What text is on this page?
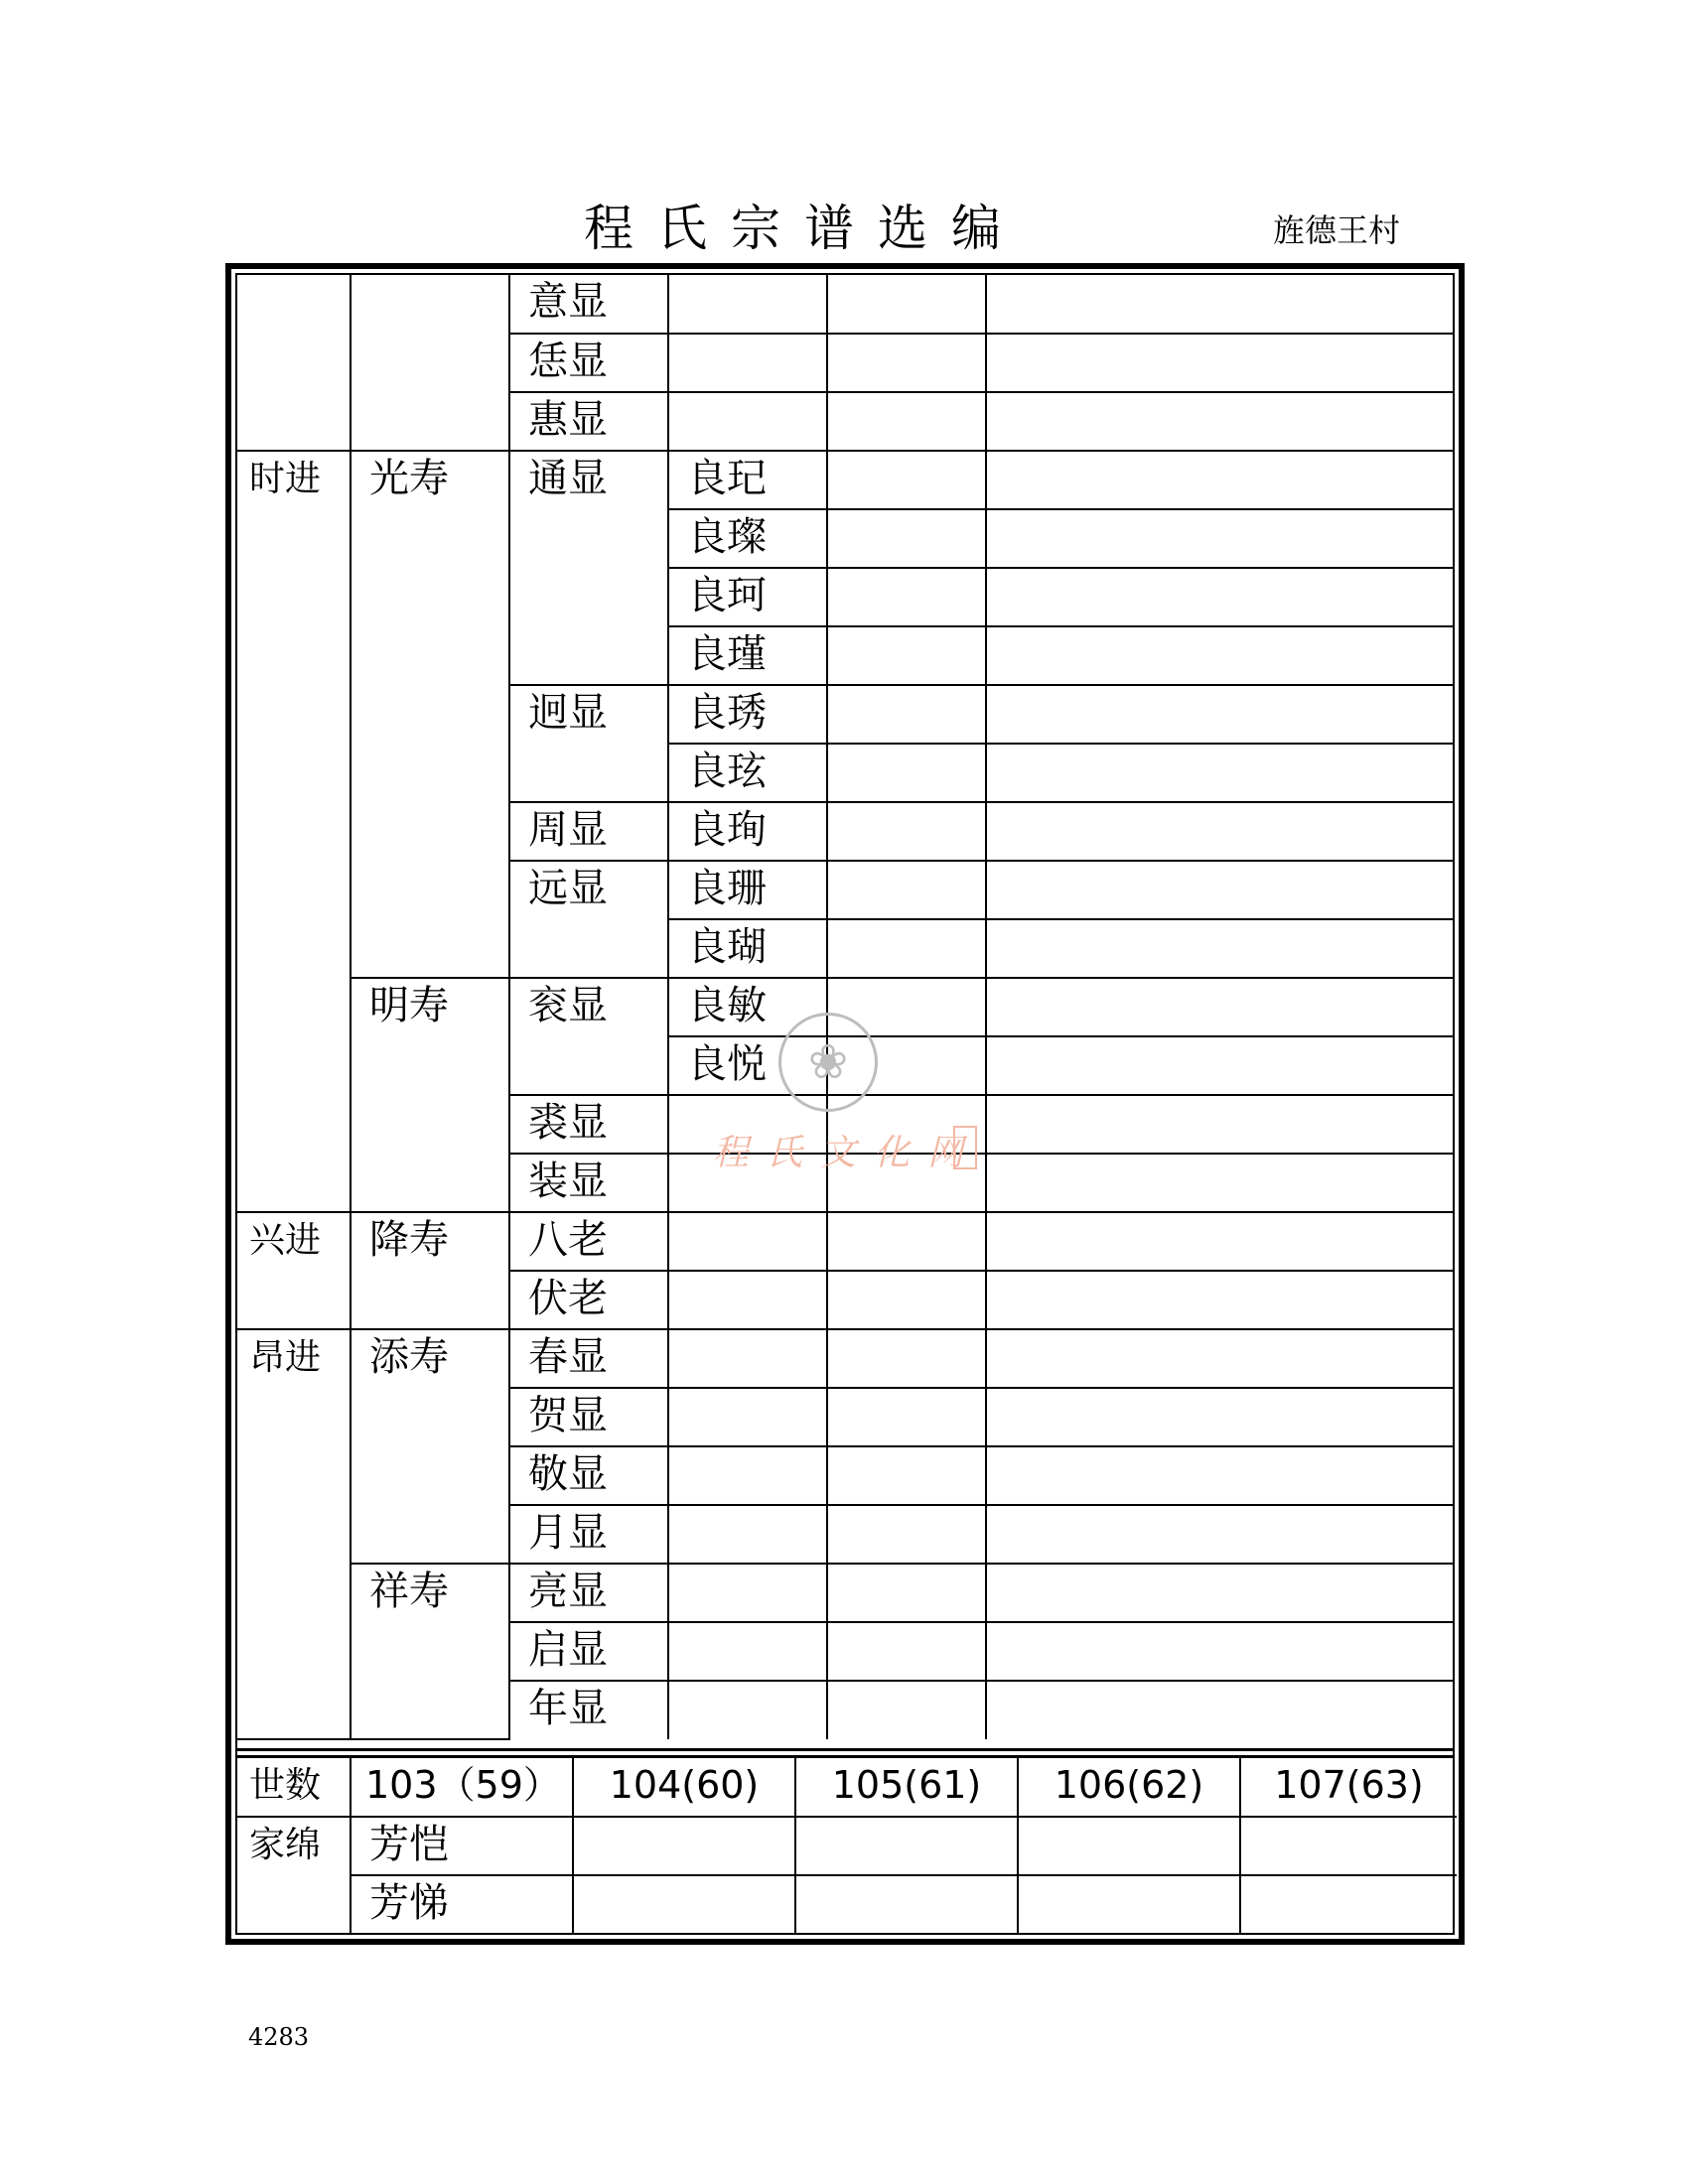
程氏宗谱选编	旌德王村
		意显			
		恁显			
		惠显			
时进	光寿	通显	良玘		
			良璨		
			良珂		
			良瑾		
		迥显	良琇		
			良玹		
		周显	良珣		
		远显	良珊		
			良瑚		
	明寿	衮显	良敏		
			良悦		
		裘显			
		装显			
兴进	降寿	八老			
		伏老			
昂进	添寿	春显			
		贺显			
		敬显			
		月显			
	祥寿	亮显			
		启显			
		年显			
世数	103（59）	104(60)	105(61)	106(62)	107(63)
家绵	芳恺				
	芳悌				
❀
程氏文化网
4283
